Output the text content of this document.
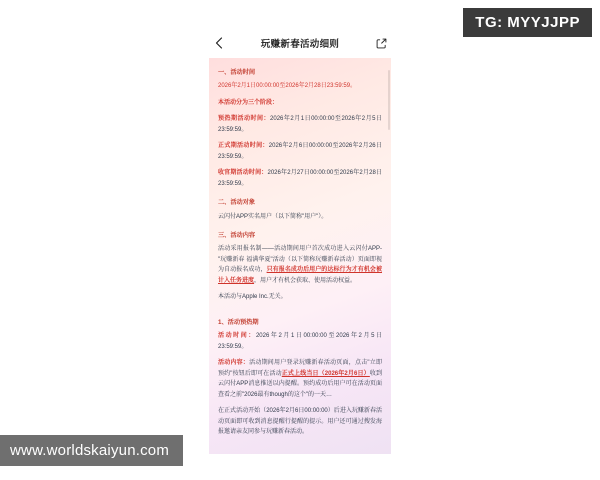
TG: MYYJJPP
www.worldskaiyun.com
玩赚新春活动细则
一、活动时间

2026年2月1日00:00:00至2026年2月28日23:59:59。

本活动分为三个阶段：

预热期活动时间：2026年2月1日00:00:00至2026年2月5日23:59:59。

正式期活动时间：2026年2月6日00:00:00至2026年2月26日23:59:59。

收官期活动时间：2026年2月27日00:00:00至2026年2月28日23:59:59。

二、活动对象

云闪付APP实名用户（以下简称"用户"）。

三、活动内容

活动采用报名制——活动期间用户首次成功进入云闪付APP-"玩赚新春 福满华夏"活动（以下简称玩赚新春活动）页面即视为自动报名成功，只有报名成功后用户的达标行为才有机会被计入任务进度，用户才有机会获取、使用活动权益。

本活动与Apple Inc.无关。

1、活动预热期

活动时间：2026年2月1日00:00:00至2026年2月5日23:59:59。

活动内容：活动期间用户登录玩赚新春活动页面，点击"立即预约"按钮后即可在活动正式上线当日（2026年2月6日）收到云闪付APP消息推送以内提醒。预约成功后用户可在活动页面查看之前"2026最有though的这个"的一天…

在正式活动开始（2026年2月6日00:00:00）后进入玩赚新春活动页面即可收到消息提醒行提醒的提示。用户还可通过搜发海报邀请亲友同参与玩赚新春活动。
